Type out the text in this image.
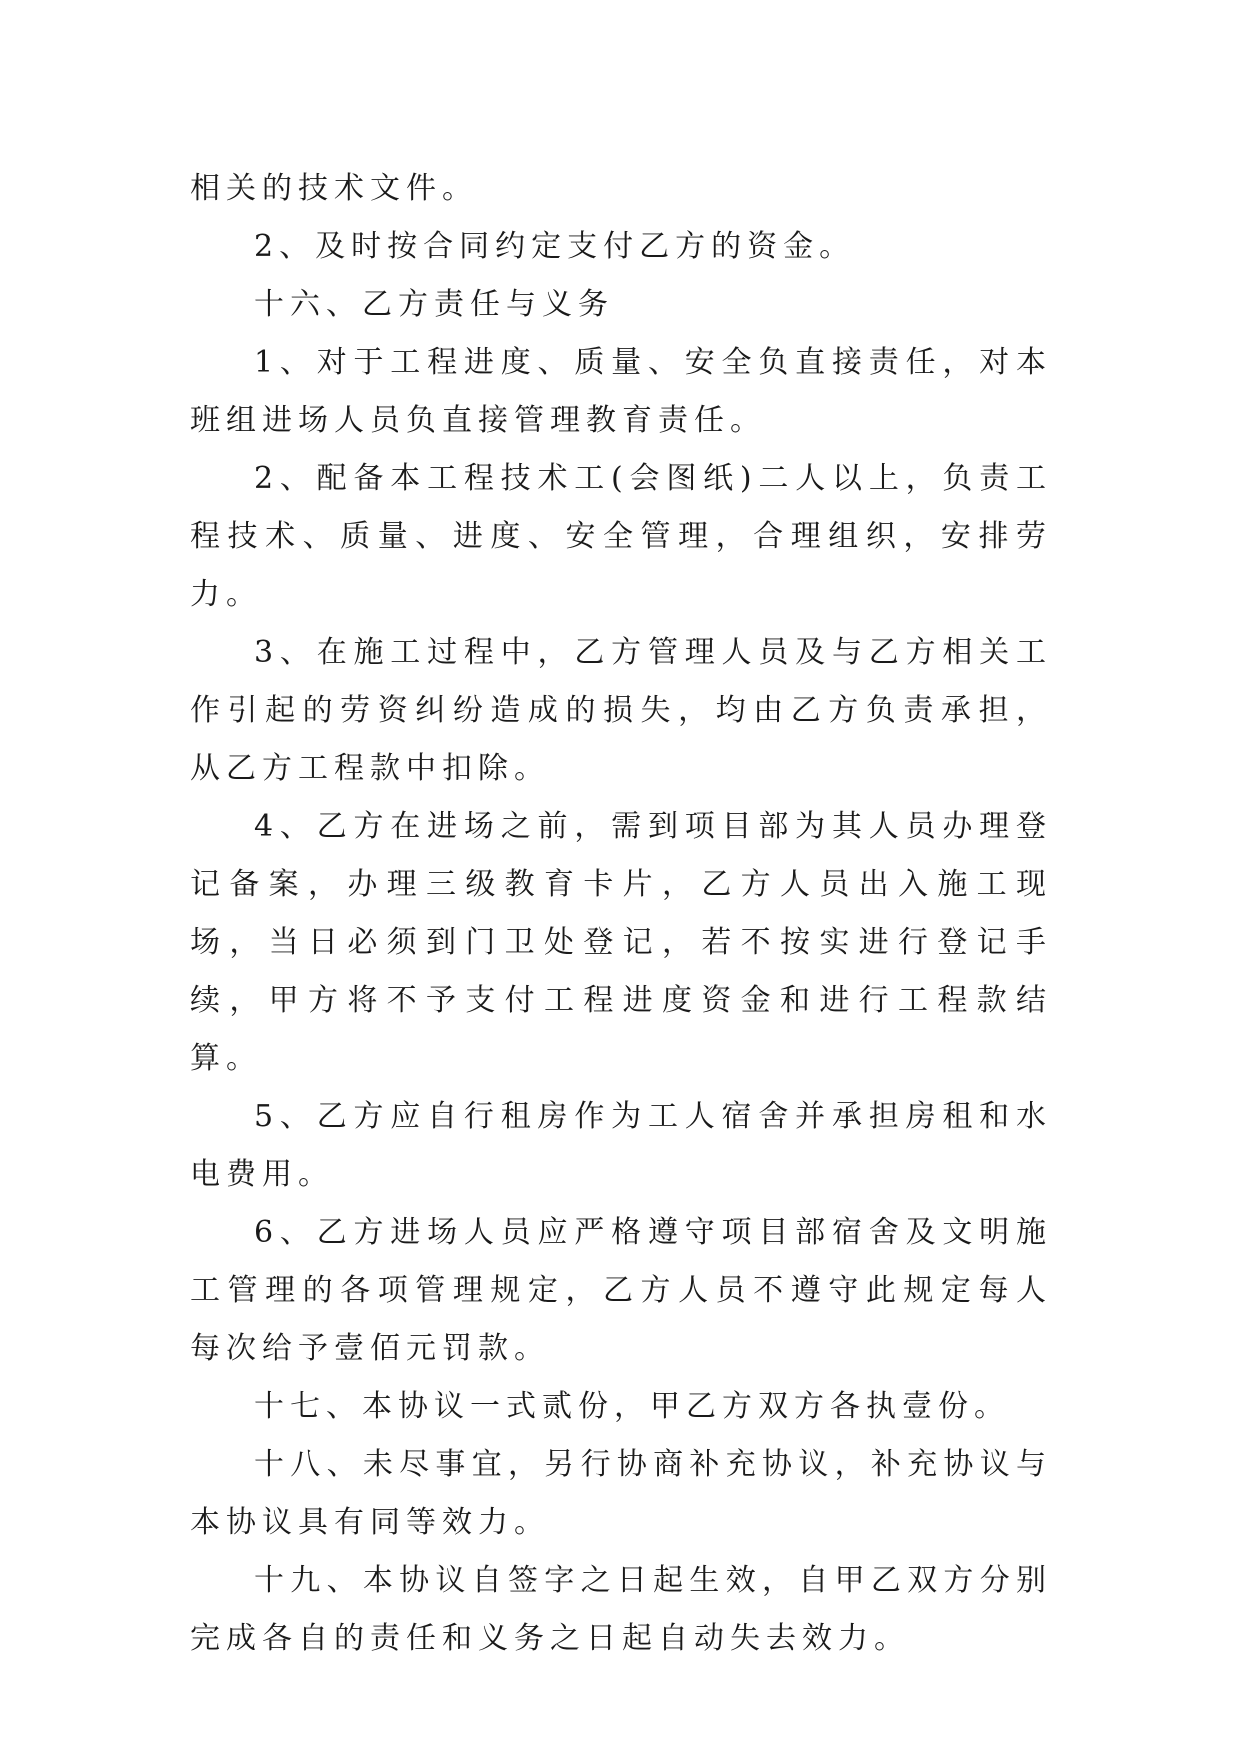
相关的技术文件。

2、及时按合同约定支付乙方的资金。

十六、乙方责任与义务

1、对于工程进度、质量、安全负直接责任，对本班组进场人员负直接管理教育责任。

2、配备本工程技术工(会图纸)二人以上，负责工程技术、质量、进度、安全管理，合理组织，安排劳力。

3、在施工过程中，乙方管理人员及与乙方相关工作引起的劳资纠纷造成的损失，均由乙方负责承担，从乙方工程款中扣除。

4、乙方在进场之前，需到项目部为其人员办理登记备案，办理三级教育卡片，乙方人员出入施工现场，当日必须到门卫处登记，若不按实进行登记手续，甲方将不予支付工程进度资金和进行工程款结算。

5、乙方应自行租房作为工人宿舍并承担房租和水电费用。

6、乙方进场人员应严格遵守项目部宿舍及文明施工管理的各项管理规定，乙方人员不遵守此规定每人每次给予壹佰元罚款。

十七、本协议一式贰份，甲乙方双方各执壹份。

十八、未尽事宜，另行协商补充协议，补充协议与本协议具有同等效力。

十九、本协议自签字之日起生效，自甲乙双方分别完成各自的责任和义务之日起自动失去效力。
